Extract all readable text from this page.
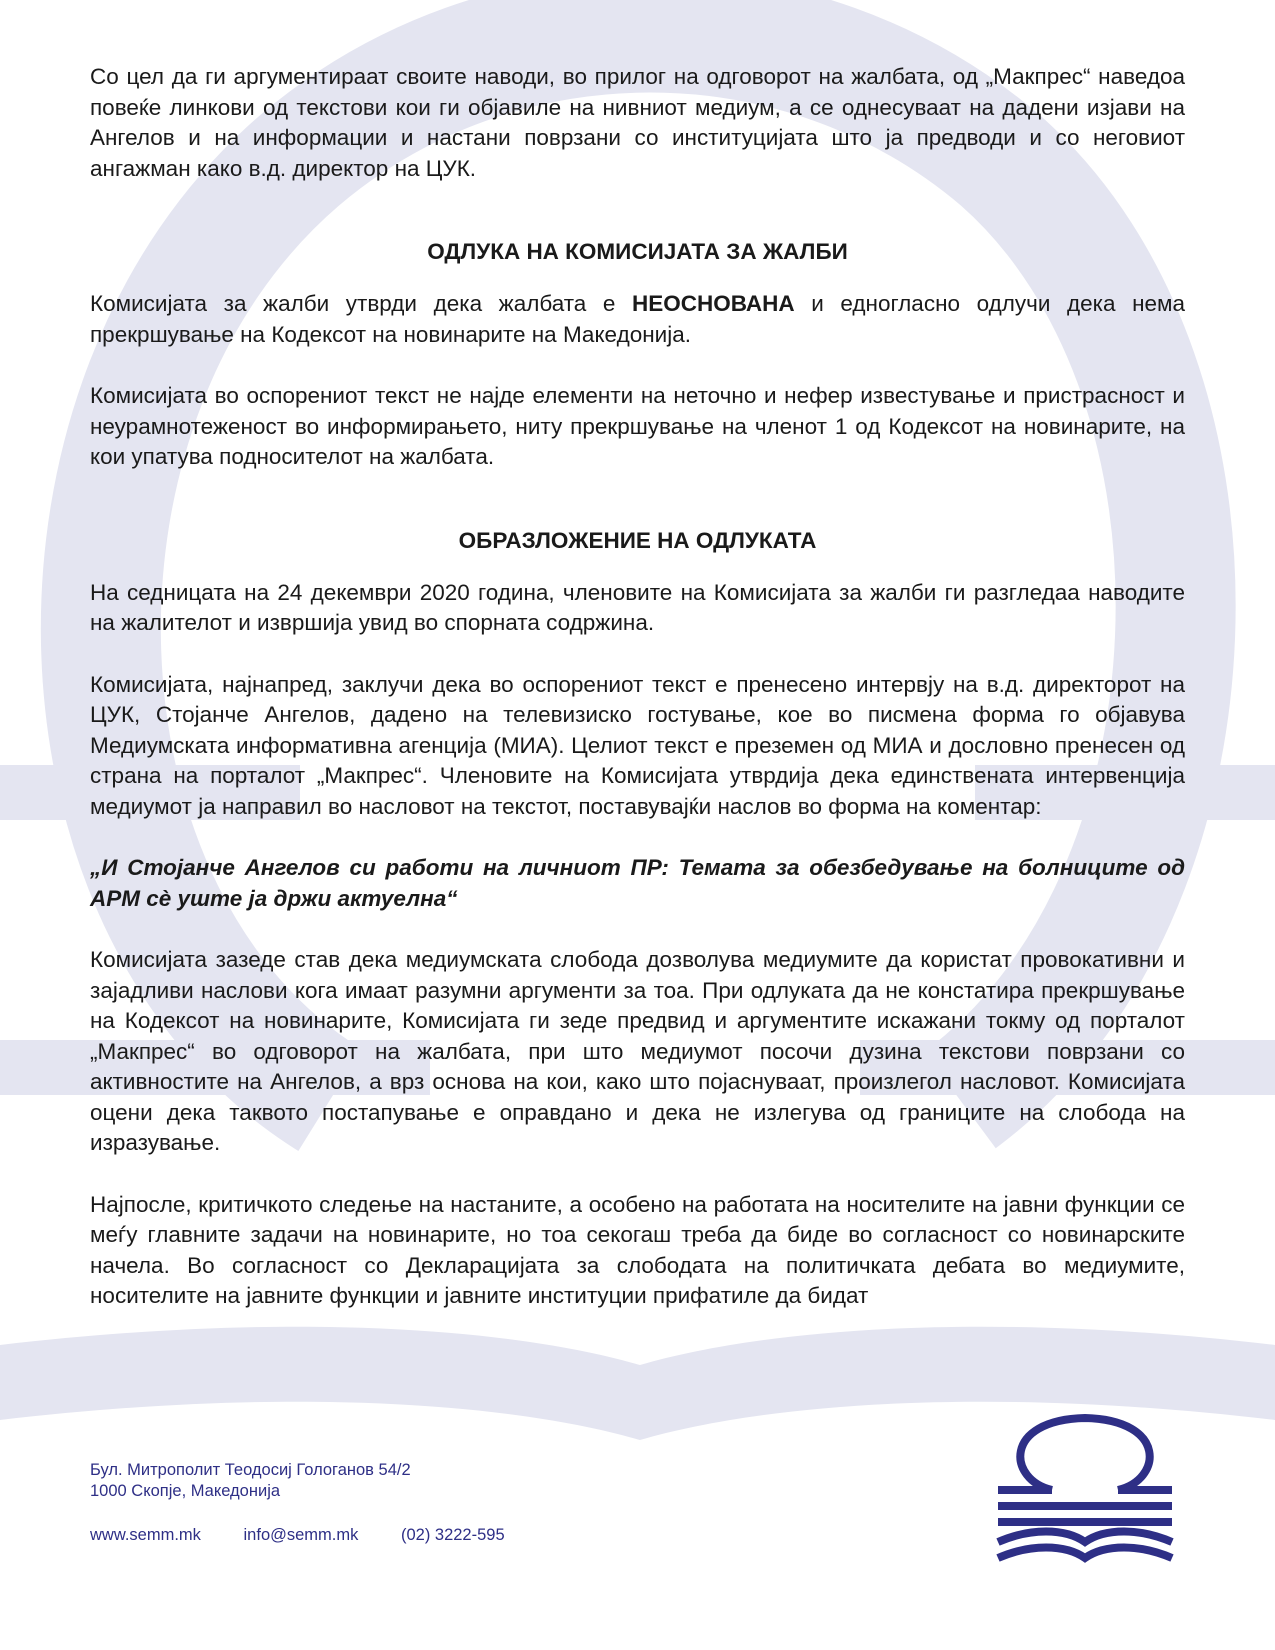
Со цел да ги аргументираат своите наводи, во прилог на одговорот на жалбата, од „Макпрес“ наведоа повеќе линкови од текстови кои ги објавиле на нивниот медиум, а се однесуваат на дадени изјави на Ангелов и на информации и настани поврзани со институцијата што ја предводи и со неговиот ангажман како в.д. директор на ЦУК.

ОДЛУКА НА КОМИСИЈАТА ЗА ЖАЛБИ

Комисијата за жалби утврди дека жалбата е НЕОСНОВАНА и едногласно одлучи дека нема прекршување на Кодексот на новинарите на Македонија.

Комисијата во оспорениот текст не најде елементи на неточно и нефер известување и пристрасност и неурамнотеженост во информирањето, ниту прекршување на членот 1 од Кодексот на новинарите, на кои упатува подносителот на жалбата.

ОБРАЗЛОЖЕНИЕ НА ОДЛУКАТА

На седницата на 24 декември 2020 година, членовите на Комисијата за жалби ги разгледаа наводите на жалителот и извршија увид во спорната содржина.

Комисијата, најнапред, заклучи дека во оспорениот текст е пренесено интервју на в.д. директорот на ЦУК, Стојанче Ангелов, дадено на телевизиско гостување, кое во писмена форма го објавува Медиумската информативна агенција (МИА). Целиот текст е преземен од МИА и дословно пренесен од страна на порталот „Макпрес“. Членовите на Комисијата утврдија дека единствената интервенција медиумот ја направил во насловот на текстот, поставувајќи наслов во форма на коментар:

„И Стојанче Ангелов си работи на личниот ПР: Темата за обезбедување на болниците од АРМ сè уште ја држи актуелна“

Комисијата зазеде став дека медиумската слобода дозволува медиумите да користат провокативни и зајадливи наслови кога имаат разумни аргументи за тоа. При одлуката да не констатира прекршување на Кодексот на новинарите, Комисијата ги зеде предвид и аргументите искажани токму од порталот „Макпрес“ во одговорот на жалбата, при што медиумот посочи дузина текстови поврзани со активностите на Ангелов, а врз основа на кои, како што појаснуваат, произлегол насловот. Комисијата оцени дека таквото постапување е оправдано и дека не излегува од границите на слобода на изразување.

Најпосле, критичкото следење на настаните, а особено на работата на носителите на јавни функции се меѓу главните задачи на новинарите, но тоа секогаш треба да биде во согласност со новинарските начела. Во согласност со Декларацијата за слободата на политичката дебата во медиумите, носителите на јавните функции и јавните институции прифатиле да бидат

Бул. Митрополит Теодосиј Гологанов 54/2
1000 Скопје, Македонија
www.semm.mk	info@semm.mk	(02) 3222-595
